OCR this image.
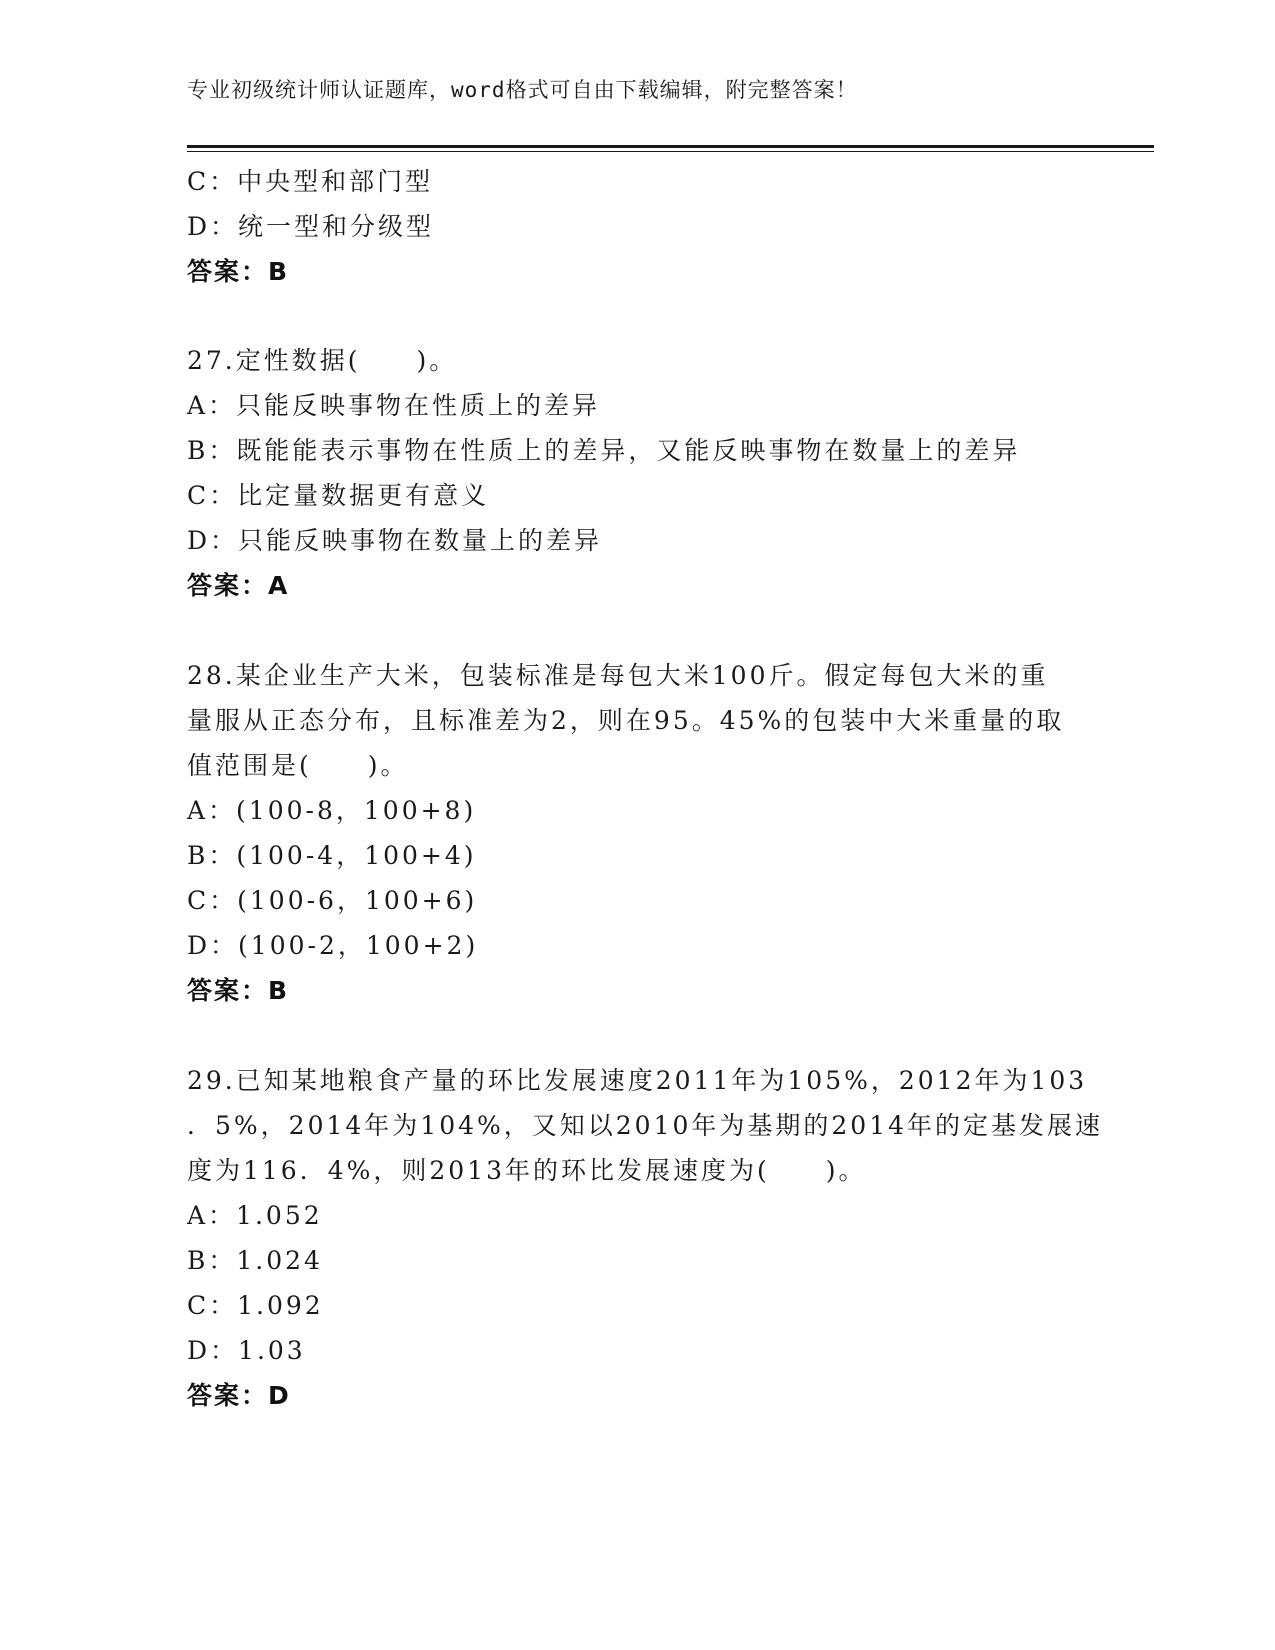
专业初级统计师认证题库，word格式可自由下载编辑，附完整答案！
C：中央型和部门型
D：统一型和分级型
答案：B
27.定性数据(　　)。
A：只能反映事物在性质上的差异
B：既能能表示事物在性质上的差异，又能反映事物在数量上的差异
C：比定量数据更有意义
D：只能反映事物在数量上的差异
答案：A
28.某企业生产大米，包装标准是每包大米100斤。假定每包大米的重
量服从正态分布，且标准差为2，则在95。45%的包装中大米重量的取
值范围是(　　)。
A：(100-8，100+8)
B：(100-4，100+4)
C：(100-6，100+6)
D：(100-2，100+2)
答案：B
29.已知某地粮食产量的环比发展速度2011年为105%，2012年为103
．5%，2014年为104%，又知以2010年为基期的2014年的定基发展速
度为116．4%，则2013年的环比发展速度为(　　)。
A：1.052
B：1.024
C：1.092
D：1.03
答案：D
